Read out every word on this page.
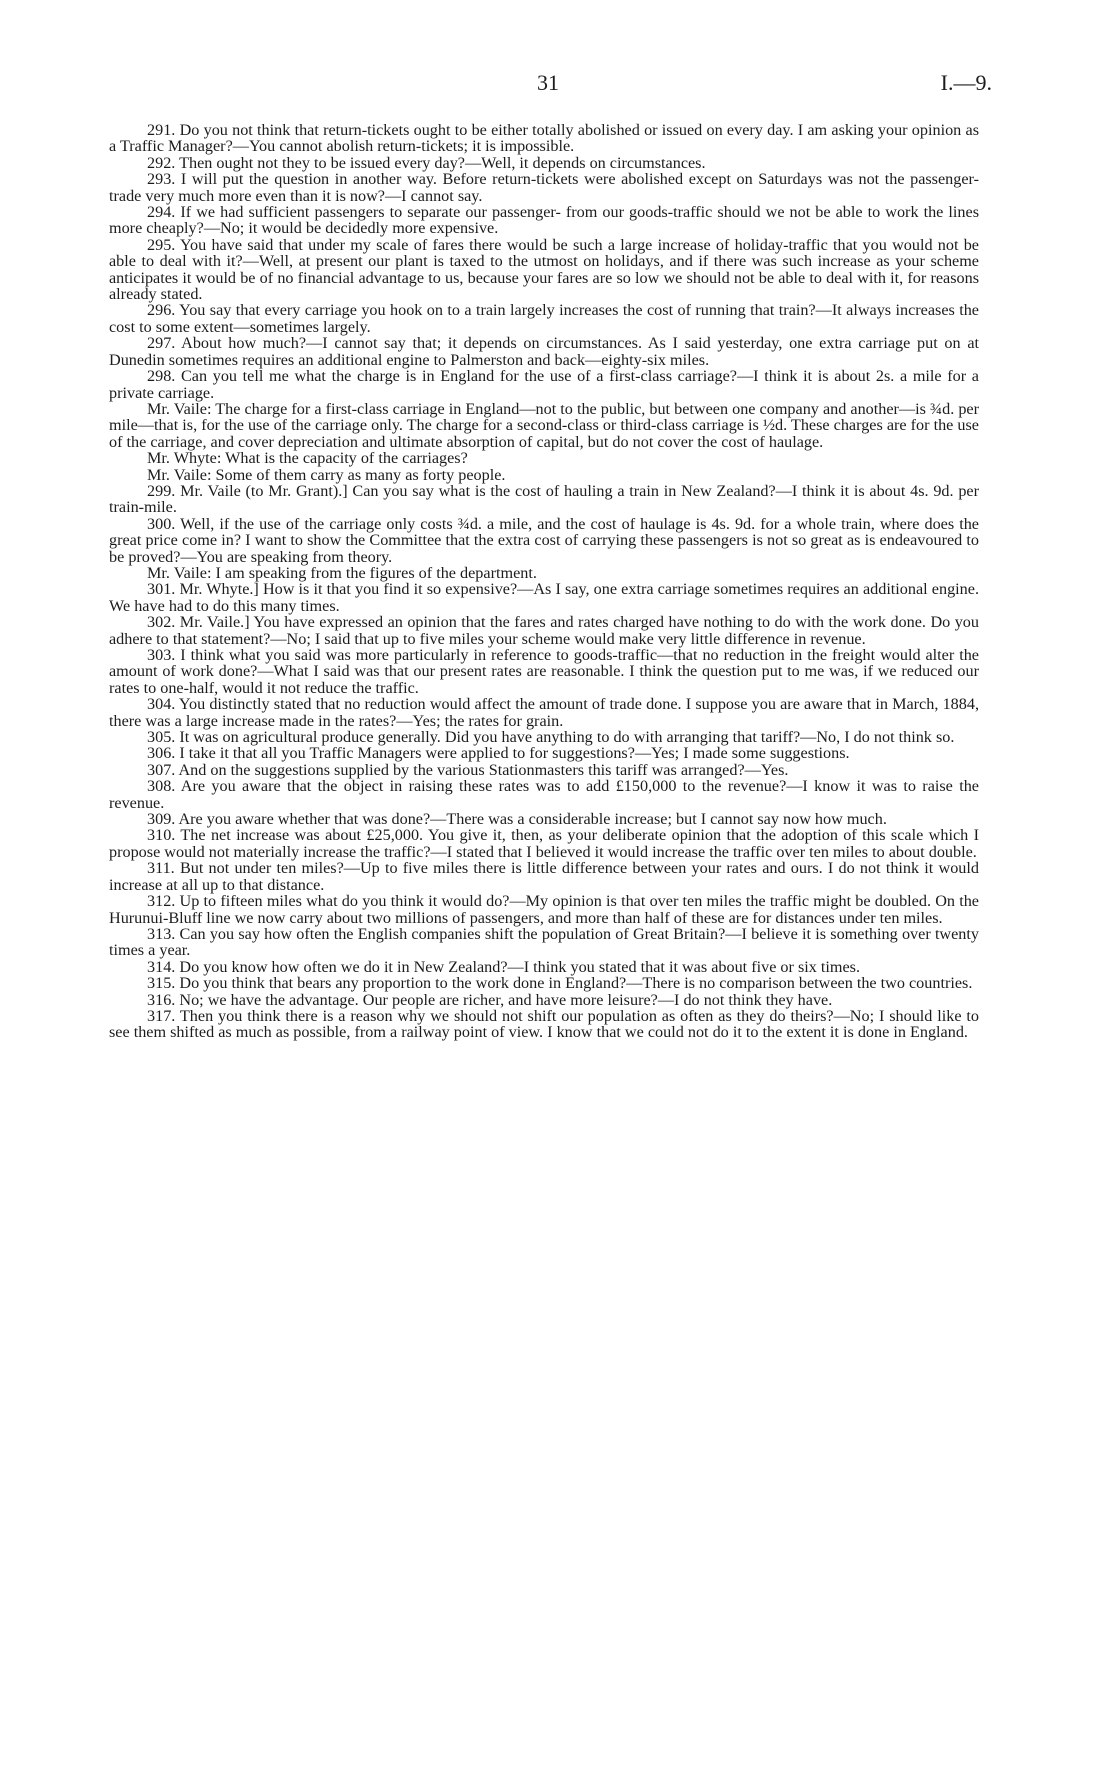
31	I.—9.

291. Do you not think that return-tickets ought to be either totally abolished or issued on every day. I am asking your opinion as a Traffic Manager?—You cannot abolish return-tickets; it is impossible.

292. Then ought not they to be issued every day?—Well, it depends on circumstances.

293. I will put the question in another way. Before return-tickets were abolished except on Saturdays was not the passenger-trade very much more even than it is now?—I cannot say.

294. If we had sufficient passengers to separate our passenger- from our goods-traffic should we not be able to work the lines more cheaply?—No; it would be decidedly more expensive.

295. You have said that under my scale of fares there would be such a large increase of holiday-traffic that you would not be able to deal with it?—Well, at present our plant is taxed to the utmost on holidays, and if there was such increase as your scheme anticipates it would be of no financial advantage to us, because your fares are so low we should not be able to deal with it, for reasons already stated.

296. You say that every carriage you hook on to a train largely increases the cost of running that train?—It always increases the cost to some extent—sometimes largely.

297. About how much?—I cannot say that; it depends on circumstances. As I said yesterday, one extra carriage put on at Dunedin sometimes requires an additional engine to Palmerston and back—eighty-six miles.

298. Can you tell me what the charge is in England for the use of a first-class carriage?—I think it is about 2s. a mile for a private carriage.

Mr. Vaile: The charge for a first-class carriage in England—not to the public, but between one company and another—is ¾d. per mile—that is, for the use of the carriage only. The charge for a second-class or third-class carriage is ½d. These charges are for the use of the carriage, and cover depreciation and ultimate absorption of capital, but do not cover the cost of haulage.

Mr. Whyte: What is the capacity of the carriages?

Mr. Vaile: Some of them carry as many as forty people.

299. Mr. Vaile (to Mr. Grant).] Can you say what is the cost of hauling a train in New Zealand?—I think it is about 4s. 9d. per train-mile.

300. Well, if the use of the carriage only costs ¾d. a mile, and the cost of haulage is 4s. 9d. for a whole train, where does the great price come in? I want to show the Committee that the extra cost of carrying these passengers is not so great as is endeavoured to be proved?—You are speaking from theory.

Mr. Vaile: I am speaking from the figures of the department.

301. Mr. Whyte.] How is it that you find it so expensive?—As I say, one extra carriage sometimes requires an additional engine. We have had to do this many times.

302. Mr. Vaile.] You have expressed an opinion that the fares and rates charged have nothing to do with the work done. Do you adhere to that statement?—No; I said that up to five miles your scheme would make very little difference in revenue.

303. I think what you said was more particularly in reference to goods-traffic—that no reduction in the freight would alter the amount of work done?—What I said was that our present rates are reasonable. I think the question put to me was, if we reduced our rates to one-half, would it not reduce the traffic.

304. You distinctly stated that no reduction would affect the amount of trade done. I suppose you are aware that in March, 1884, there was a large increase made in the rates?—Yes; the rates for grain.

305. It was on agricultural produce generally. Did you have anything to do with arranging that tariff?—No, I do not think so.

306. I take it that all you Traffic Managers were applied to for suggestions?—Yes; I made some suggestions.

307. And on the suggestions supplied by the various Stationmasters this tariff was arranged?—Yes.

308. Are you aware that the object in raising these rates was to add £150,000 to the revenue?—I know it was to raise the revenue.

309. Are you aware whether that was done?—There was a considerable increase; but I cannot say now how much.

310. The net increase was about £25,000. You give it, then, as your deliberate opinion that the adoption of this scale which I propose would not materially increase the traffic?—I stated that I believed it would increase the traffic over ten miles to about double.

311. But not under ten miles?—Up to five miles there is little difference between your rates and ours. I do not think it would increase at all up to that distance.

312. Up to fifteen miles what do you think it would do?—My opinion is that over ten miles the traffic might be doubled. On the Hurunui-Bluff line we now carry about two millions of passengers, and more than half of these are for distances under ten miles.

313. Can you say how often the English companies shift the population of Great Britain?—I believe it is something over twenty times a year.

314. Do you know how often we do it in New Zealand?—I think you stated that it was about five or six times.

315. Do you think that bears any proportion to the work done in England?—There is no comparison between the two countries.

316. No; we have the advantage. Our people are richer, and have more leisure?—I do not think they have.

317. Then you think there is a reason why we should not shift our population as often as they do theirs?—No; I should like to see them shifted as much as possible, from a railway point of view. I know that we could not do it to the extent it is done in England.
